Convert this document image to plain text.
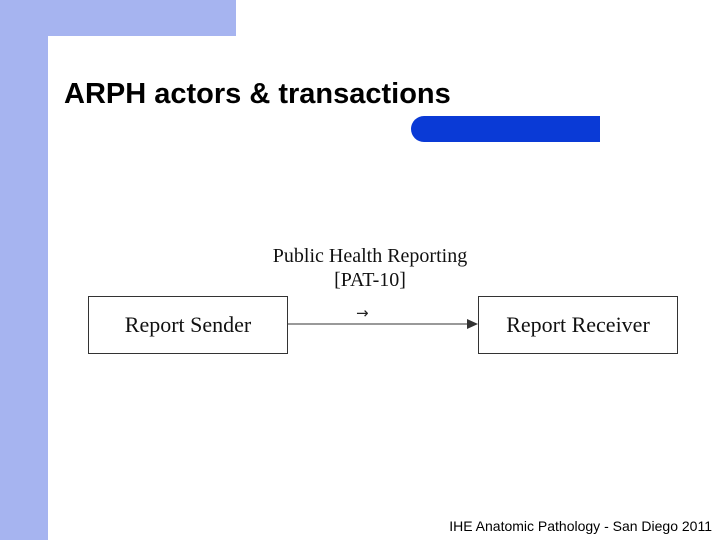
ARPH actors & transactions
Public Health Reporting
[PAT-10]
→
Report Sender	Report Receiver
IHE Anatomic Pathology - San Diego 2011
